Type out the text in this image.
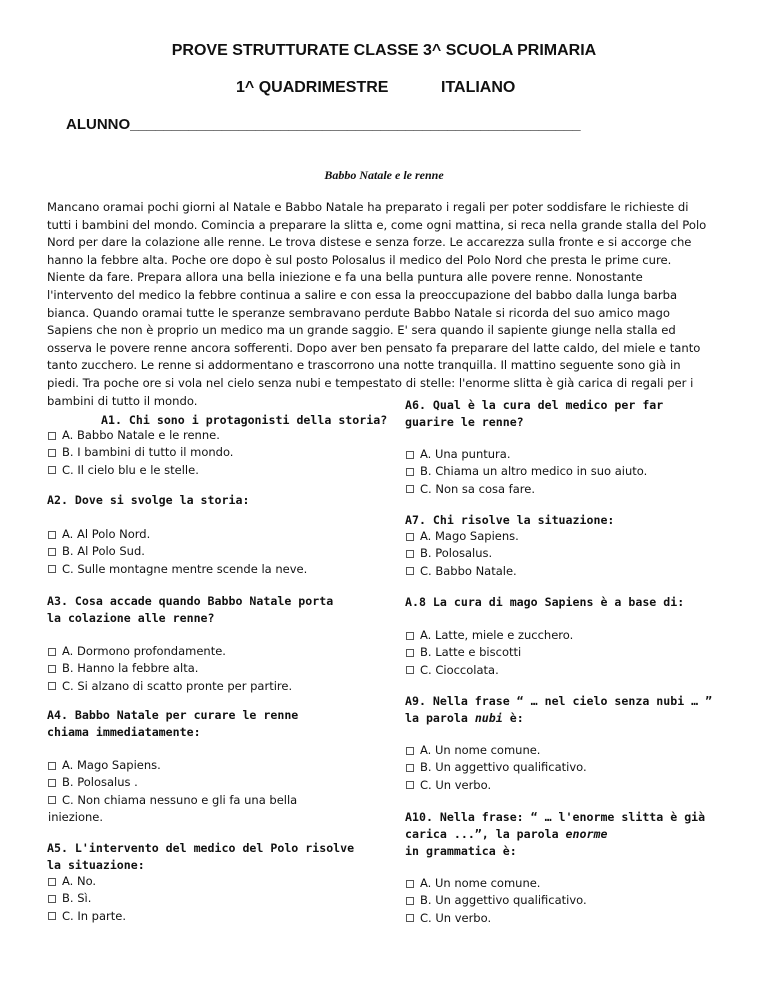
PROVE STRUTTURATE CLASSE 3^ SCUOLA PRIMARIA
1^ QUADRIMESTRE	ITALIANO
ALUNNO______________________________________________________
Babbo Natale e le renne
Mancano oramai pochi giorni al Natale e Babbo Natale ha preparato i regali per poter soddisfare le richieste di
tutti i bambini del mondo. Comincia a preparare la slitta e, come ogni mattina, si reca nella grande stalla del Polo
Nord per dare la colazione alle renne. Le trova distese e senza forze. Le accarezza sulla fronte e si accorge che
hanno la febbre alta. Poche ore dopo è sul posto Polosalus il medico del Polo Nord che presta le prime cure.
Niente da fare. Prepara allora una bella iniezione e fa una bella puntura alle povere renne. Nonostante
l'intervento del medico la febbre continua a salire e con essa la preoccupazione del babbo dalla lunga barba
bianca. Quando oramai tutte le speranze sembravano perdute Babbo Natale si ricorda del suo amico mago
Sapiens che non è proprio un medico ma un grande saggio. E' sera quando il sapiente giunge nella stalla ed
osserva le povere renne ancora sofferenti. Dopo aver ben pensato fa preparare del latte caldo, del miele e tanto
tanto zucchero. Le renne si addormentano e trascorrono una notte tranquilla. Il mattino seguente sono già in
piedi. Tra poche ore si vola nel cielo senza nubi e tempestato di stelle: l'enorme slitta è già carica di regali per i
bambini di tutto il mondo.
A1. Chi sono i protagonisti della storia?
A. Babbo Natale e le renne.
B. I bambini di tutto il mondo.
C. Il cielo blu e le stelle.
A2. Dove si svolge la storia:
A. Al Polo Nord.
B. Al Polo Sud.
C. Sulle montagne mentre scende la neve.
A3. Cosa accade quando Babbo Natale porta
la colazione alle renne?
A. Dormono profondamente.
B. Hanno la febbre alta.
C. Si alzano di scatto pronte per partire.
A4. Babbo Natale per curare le renne
chiama immediatamente:
A. Mago Sapiens.
B. Polosalus .
C. Non chiama nessuno e gli fa una bella
iniezione.
A5. L'intervento del medico del Polo risolve
la situazione:
A. No.
B. Sì.
C. In parte.
A6. Qual è la cura del medico per far
guarire le renne?
A. Una puntura.
B. Chiama un altro medico in suo aiuto.
C. Non sa cosa fare.
A7. Chi risolve la situazione:
A. Mago Sapiens.
B. Polosalus.
C. Babbo Natale.
A.8 La cura di mago Sapiens è a base di:
A. Latte, miele e zucchero.
B. Latte e biscotti
C. Cioccolata.
A9. Nella frase “ … nel cielo senza nubi … ”
la parola nubi è:
A. Un nome comune.
B. Un aggettivo qualificativo.
C. Un verbo.
A10. Nella frase: “ … l'enorme slitta è già
carica ...”, la parola enorme
in grammatica è:
A. Un nome comune.
B. Un aggettivo qualificativo.
C. Un verbo.
